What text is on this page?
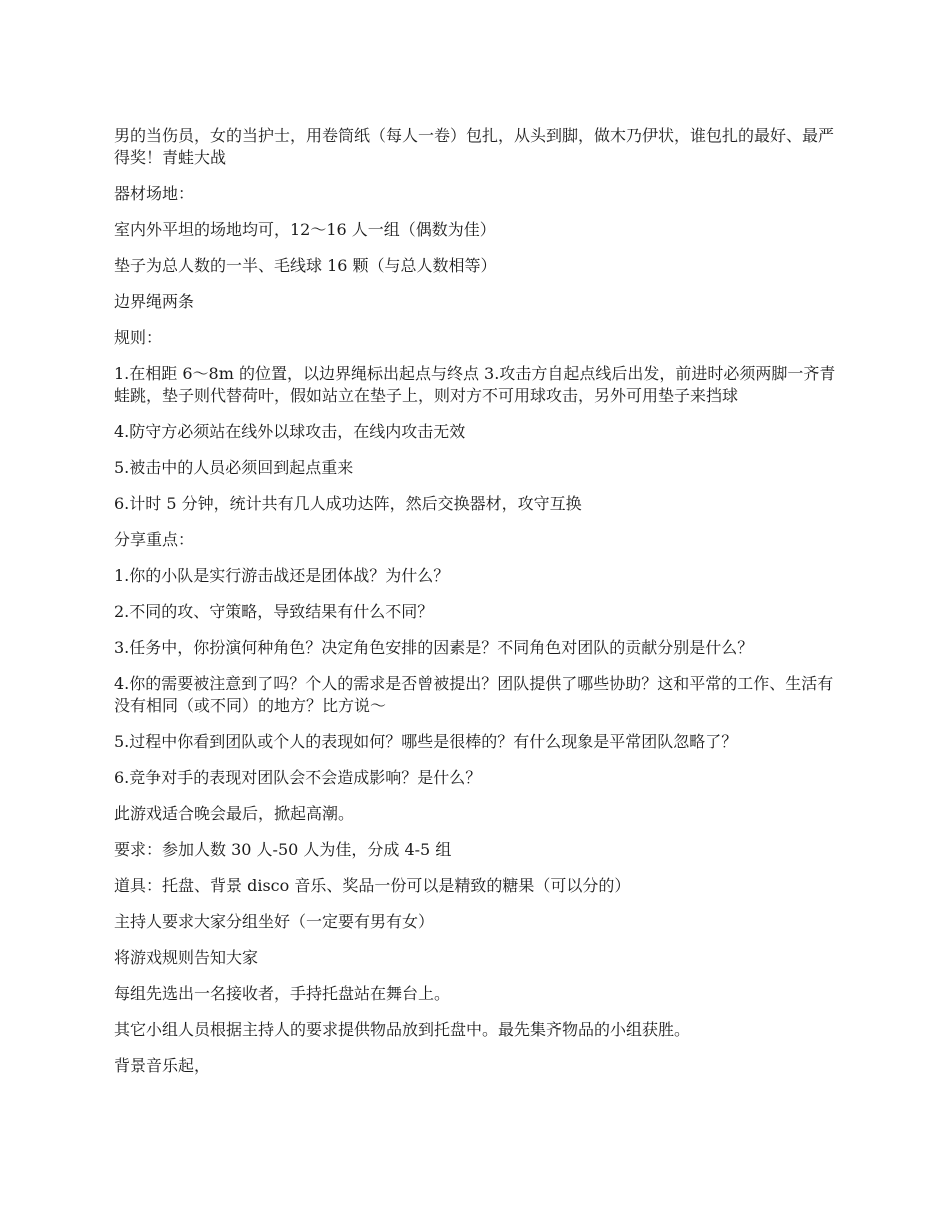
男的当伤员，女的当护士，用卷筒纸（每人一卷）包扎，从头到脚，做木乃伊状，谁包扎的最好、最严得奖！青蛙大战

器材场地：

室内外平坦的场地均可，12～16 人一组（偶数为佳）

垫子为总人数的一半、毛线球 16 颗（与总人数相等）

边界绳两条

规则：

1.在相距 6～8m 的位置，以边界绳标出起点与终点 3.攻击方自起点线后出发，前进时必须两脚一齐青蛙跳，垫子则代替荷叶，假如站立在垫子上，则对方不可用球攻击，另外可用垫子来挡球

4.防守方必须站在线外以球攻击，在线内攻击无效

5.被击中的人员必须回到起点重来

6.计时 5 分钟，统计共有几人成功达阵，然后交换器材，攻守互换

分享重点：

1.你的小队是实行游击战还是团体战？为什么？

2.不同的攻、守策略，导致结果有什么不同？

3.任务中，你扮演何种角色？决定角色安排的因素是？不同角色对团队的贡献分别是什么？

4.你的需要被注意到了吗？个人的需求是否曾被提出？团队提供了哪些协助？这和平常的工作、生活有没有相同（或不同）的地方？比方说～

5.过程中你看到团队或个人的表现如何？哪些是很棒的？有什么现象是平常团队忽略了？

6.竞争对手的表现对团队会不会造成影响？是什么？

此游戏适合晚会最后，掀起高潮。

要求：参加人数 30 人-50 人为佳，分成 4-5 组

道具：托盘、背景 disco 音乐、奖品一份可以是精致的糖果（可以分的）

主持人要求大家分组坐好（一定要有男有女）

将游戏规则告知大家

每组先选出一名接收者，手持托盘站在舞台上。

其它小组人员根据主持人的要求提供物品放到托盘中。最先集齐物品的小组获胜。

背景音乐起，
